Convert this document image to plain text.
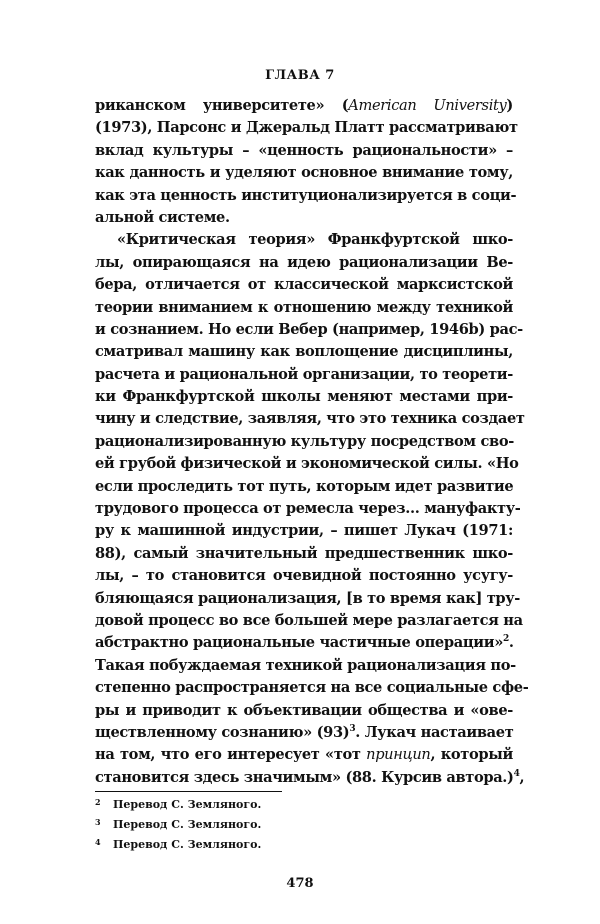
ГЛАВА 7
риканском университете» (American University)
(1973), Парсонс и Джеральд Платт рассматривают
вклад культуры – «ценность рациональности» –
как данность и уделяют основное внимание тому,
как эта ценность институционализируется в соци-
альной системе.
«Критическая теория» Франкфуртской шко-
лы, опирающаяся на идею рационализации Ве-
бера, отличается от классической марксистской
теории вниманием к отношению между техникой
и сознанием. Но если Вебер (например, 1946b) рас-
сматривал машину как воплощение дисциплины,
расчета и рациональной организации, то теорети-
ки Франкфуртской школы меняют местами при-
чину и следствие, заявляя, что это техника создает
рационализированную культуру посредством сво-
ей грубой физической и экономической силы. «Но
если проследить тот путь, которым идет развитие
трудового процесса от ремесла через… мануфакту-
ру к машинной индустрии, – пишет Лукач (1971:
88), самый значительный предшественник шко-
лы, – то становится очевидной постоянно усугу-
бляющаяся рационализация, [в то время как] тру-
довой процесс во все большей мере разлагается на
абстрактно рациональные частичные операции»$^2$.
Такая побуждаемая техникой рационализация по-
степенно распространяется на все социальные сфе-
ры и приводит к объективации общества и «ове-
ществленному сознанию» $(93)^3$. Лукач настаивает
на том, что его интересует «тот принцип, который
становится здесь значимым» (88. Курсив автора.)$^4$,
2 Перевод С. Земляного.
3 Перевод С. Земляного.
4 Перевод С. Земляного.
478
